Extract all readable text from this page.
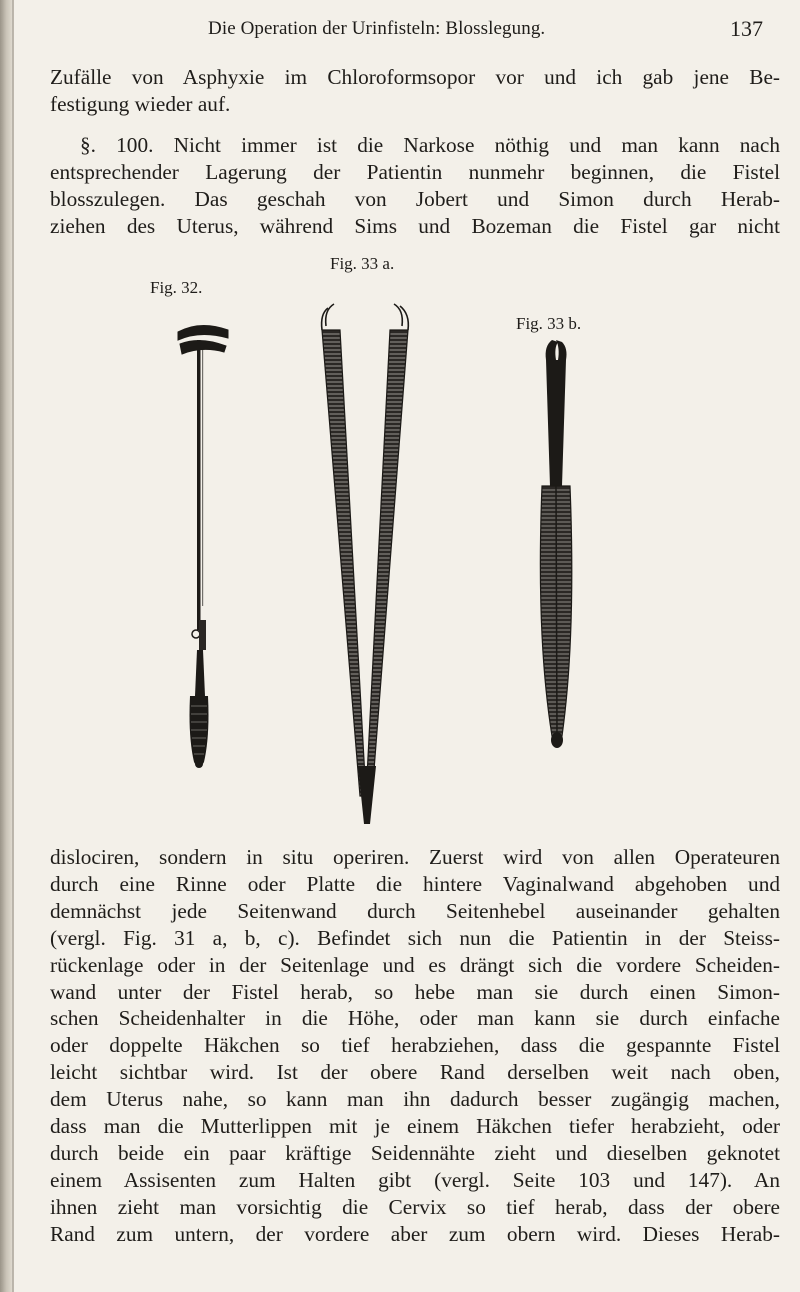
Die Operation der Urinfisteln: Blosslegung.	137
Zufälle von Asphyxie im Chloroformsopor vor und ich gab jene Be-
festigung wieder auf.
§. 100. Nicht immer ist die Narkose nöthig und man kann nach
entsprechender Lagerung der Patientin nunmehr beginnen, die Fistel
blosszulegen. Das geschah von Jobert und Simon durch Herab-
ziehen des Uterus, während Sims und Bozeman die Fistel gar nicht
Fig. 33 a.
Fig. 32.
Fig. 33 b.
dislociren, sondern in situ operiren. Zuerst wird von allen Operateuren
durch eine Rinne oder Platte die hintere Vaginalwand abgehoben und
demnächst jede Seitenwand durch Seitenhebel auseinander gehalten
(vergl. Fig. 31 a, b, c). Befindet sich nun die Patientin in der Steiss-
rückenlage oder in der Seitenlage und es drängt sich die vordere Scheiden-
wand unter der Fistel herab, so hebe man sie durch einen Simon-
schen Scheidenhalter in die Höhe, oder man kann sie durch einfache
oder doppelte Häkchen so tief herabziehen, dass die gespannte Fistel
leicht sichtbar wird. Ist der obere Rand derselben weit nach oben,
dem Uterus nahe, so kann man ihn dadurch besser zugängig machen,
dass man die Mutterlippen mit je einem Häkchen tiefer herabzieht, oder
durch beide ein paar kräftige Seidennähte zieht und dieselben geknotet
einem Assisenten zum Halten gibt (vergl. Seite 103 und 147). An
ihnen zieht man vorsichtig die Cervix so tief herab, dass der obere
Rand zum untern, der vordere aber zum obern wird. Dieses Herab-
